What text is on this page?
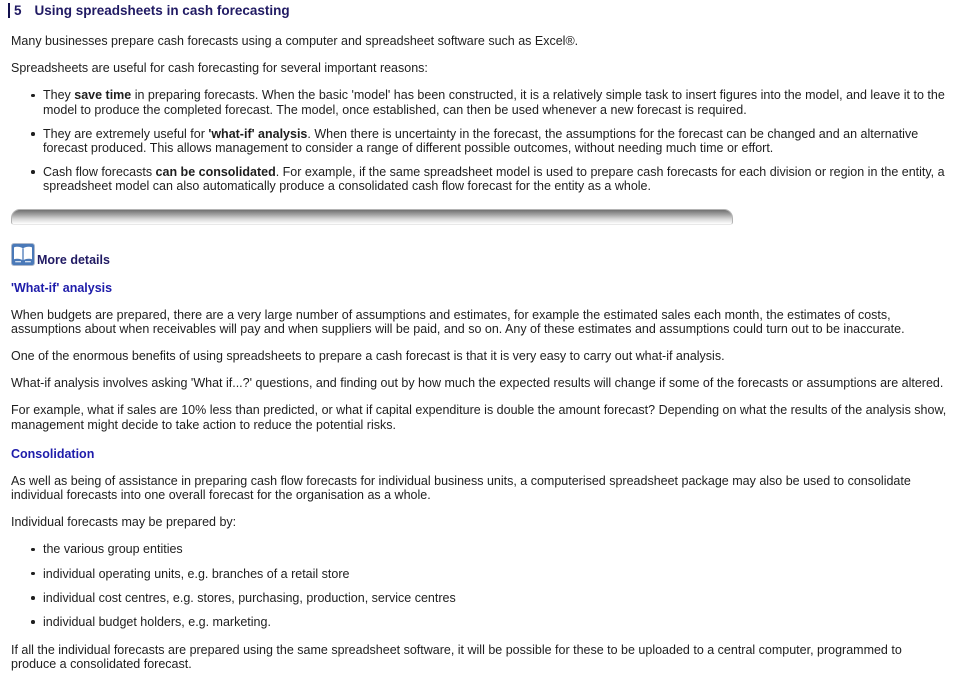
5 Using spreadsheets in cash forecasting

Many businesses prepare cash forecasts using a computer and spreadsheet software such as Excel®.

Spreadsheets are useful for cash forecasting for several important reasons:

They save time in preparing forecasts. When the basic 'model' has been constructed, it is a relatively simple task to insert figures into the model, and leave it to the model to produce the completed forecast. The model, once established, can then be used whenever a new forecast is required.
They are extremely useful for 'what-if' analysis. When there is uncertainty in the forecast, the assumptions for the forecast can be changed and an alternative forecast produced. This allows management to consider a range of different possible outcomes, without needing much time or effort.
Cash flow forecasts can be consolidated. For example, if the same spreadsheet model is used to prepare cash forecasts for each division or region in the entity, a spreadsheet model can also automatically produce a consolidated cash flow forecast for the entity as a whole.
More details
'What-if' analysis

When budgets are prepared, there are a very large number of assumptions and estimates, for example the estimated sales each month, the estimates of costs, assumptions about when receivables will pay and when suppliers will be paid, and so on. Any of these estimates and assumptions could turn out to be inaccurate.

One of the enormous benefits of using spreadsheets to prepare a cash forecast is that it is very easy to carry out what-if analysis.

What-if analysis involves asking 'What if...?' questions, and finding out by how much the expected results will change if some of the forecasts or assumptions are altered.

For example, what if sales are 10% less than predicted, or what if capital expenditure is double the amount forecast? Depending on what the results of the analysis show, management might decide to take action to reduce the potential risks.

Consolidation

As well as being of assistance in preparing cash flow forecasts for individual business units, a computerised spreadsheet package may also be used to consolidate individual forecasts into one overall forecast for the organisation as a whole.

Individual forecasts may be prepared by:

the various group entities
individual operating units, e.g. branches of a retail store
individual cost centres, e.g. stores, purchasing, production, service centres
individual budget holders, e.g. marketing.

If all the individual forecasts are prepared using the same spreadsheet software, it will be possible for these to be uploaded to a central computer, programmed to produce a consolidated forecast.
